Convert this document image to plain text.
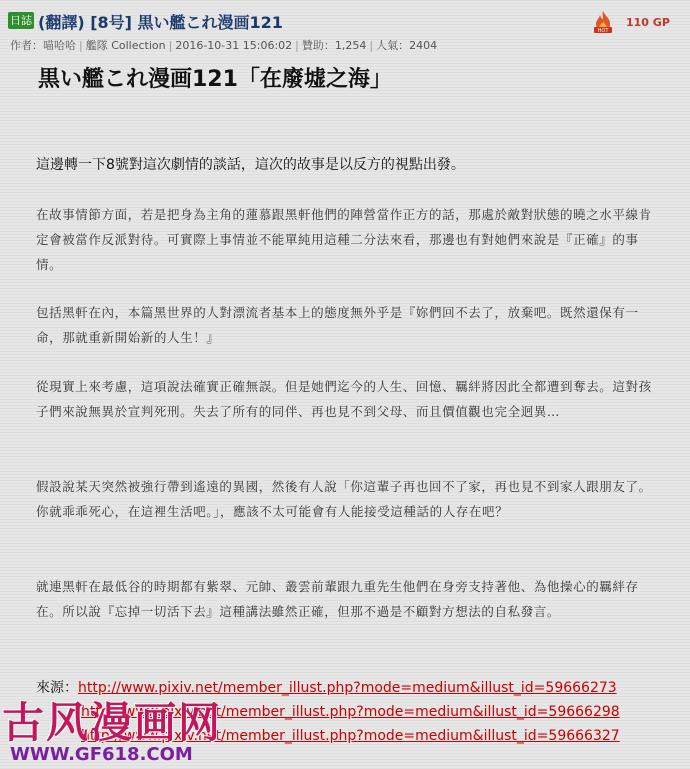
日誌 (翻譯) [8号] 黒い艦これ漫画121
作者：喵哈哈 | 艦隊 Collection | 2016-10-31 15:06:02 | 贊助：1,254 | 人氣：2404
HOT
110 GP
黒い艦これ漫画121「在廢墟之海」
這邊轉一下8號對這次劇情的談話，這次的故事是以反方的視點出發。
在故事情節方面，若是把身為主角的蓮慕跟黑軒他們的陣營當作正方的話，那處於敵對狀態的曉之水平線肯定會被當作反派對待。可實際上事情並不能單純用這種二分法來看，那邊也有對她們來說是『正確』的事情。
包括黑軒在內，本篇黑世界的人對漂流者基本上的態度無外乎是『妳們回不去了，放棄吧。既然還保有一命，那就重新開始新的人生！』
從現實上來考慮，這項說法確實正確無誤。但是她們迄今的人生、回憶、羈絆將因此全都遭到奪去。這對孩子們來說無異於宣判死刑。失去了所有的同伴、再也見不到父母、而且價值觀也完全迥異…
假設說某天突然被強行帶到遙遠的異國，然後有人說「你這輩子再也回不了家，再也見不到家人跟朋友了。你就乖乖死心，在這裡生活吧。」，應該不太可能會有人能接受這種話的人存在吧？
就連黑軒在最低谷的時期都有紫翠、元帥、叢雲前輩跟九重先生他們在身旁支持著他、為他操心的羈絆存在。所以說『忘掉一切活下去』這種講法雖然正確，但那不過是不顧對方想法的自私發言。
來源：http://www.pixiv.net/member_illust.php?mode=medium&illust_id=59666273
http://www.pixiv.net/member_illust.php?mode=medium&illust_id=59666298
http://www.pixiv.net/member_illust.php?mode=medium&illust_id=59666327
古风漫画网
WWW.GF618.COM
